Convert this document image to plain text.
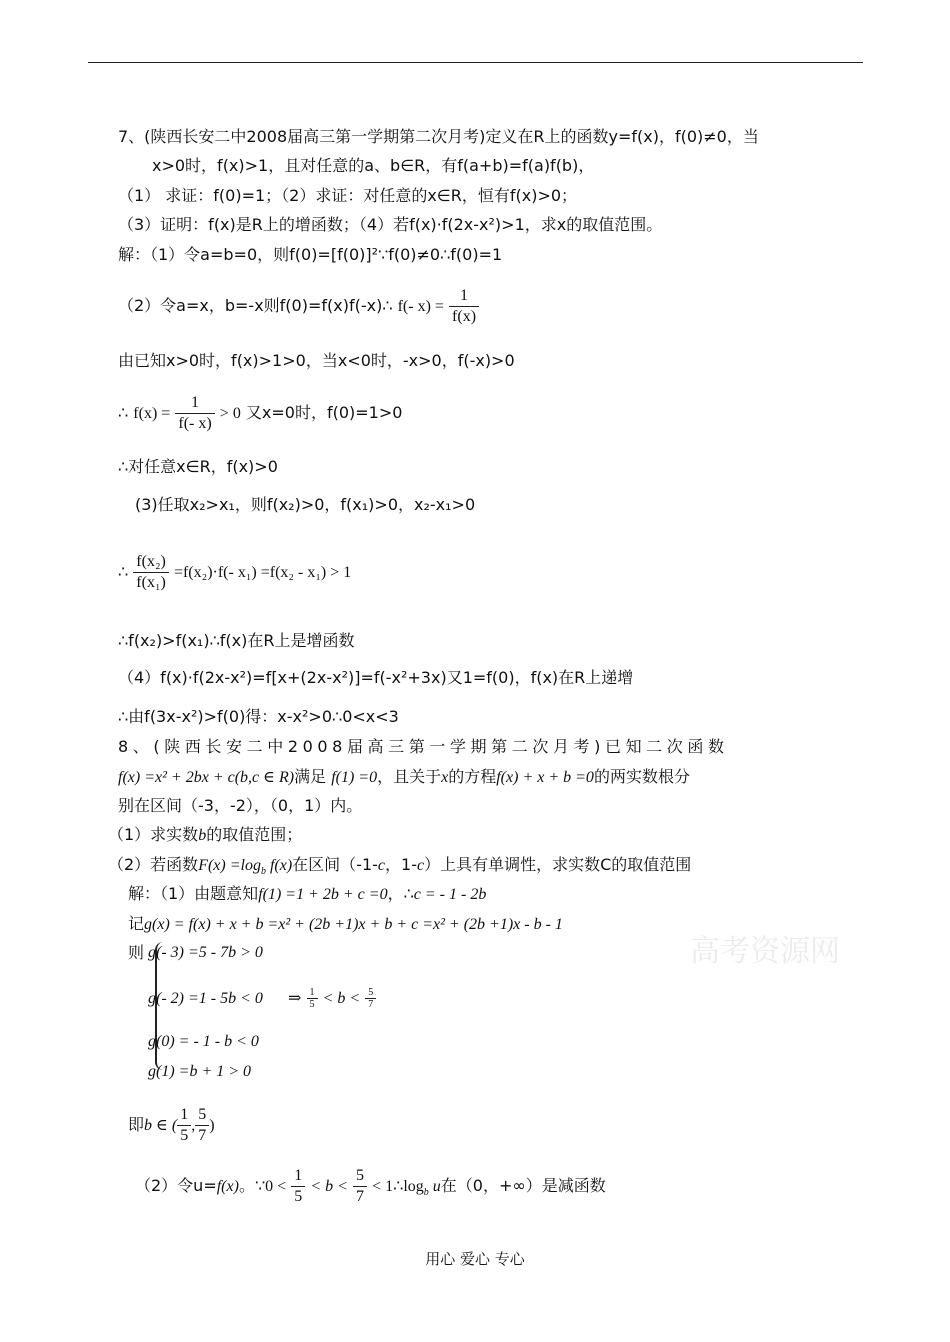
7、(陕西长安二中2008届高三第一学期第二次月考)定义在R上的函数y=f(x)，f(0)≠0，当
x>0时，f(x)>1，且对任意的a、b∈R，有f(a+b)=f(a)f(b)，
（1） 求证：f(0)=1；（2）求证：对任意的x∈R，恒有f(x)>0；
（3）证明：f(x)是R上的增函数；（4）若f(x)·f(2x-x²)>1，求x的取值范围。
解：（1）令a=b=0，则f(0)=[f(0)]²∵f(0)≠0∴f(0)=1
（2）令a=x，b=-x则f(0)=f(x)f(-x)∴ f(- $x) = \frac{1}{f(x)}$
由已知x>0时，f(x)>1>0，当x<0时，-x>0，f(-x)>0
∴ $f(x) = \frac{1}{f(- x)} > 0$ 又x=0时，f(0)=1>0
∴对任意x∈R，f(x)>0
(3)任取x₂>x₁，则f(x₂)>0，f(x₁)>0，x₂-x₁>0
∴ $\frac{\text{f(x₂)}}{\text{f(x₁)}} =f(x_2)\cdot f(-$ x₁) =f(x₂ - x₁) > 1
∴f(x₂)>f(x₁)∴f(x)在R上是增函数
（4）f(x)·f(2x-x²)=f[x+(2x-x²)]=f(-x²+3x)又1=f(0)，f(x)在R上递增
∴由f(3x-x²)>f(0)得：x-x²>0∴0<x<3
8、(陕西长安二中2008届高三第一学期第二次月考)已知二次函数
f(x) =x² + 2bx + c(b,c ∈ R)满足 f(1) =0，且关于x的方程f(x) + x + b =0的两实数根分
别在区间（-3，-2），（0，1）内。
（1）求实数b的取值范围；
（2）若函数$F(x) =\log_b$ f(x)在区间（-1-c，1-c）上具有单调性，求实数C的取值范围
解：（1）由题意知f(1) =1 + 2b + c =0，∴c = - 1 - 2b
记g(x) = f(x) + x + b =x² + (2b +1)x + b + c =x² + (2b +1)x - b - 1
则 g(- 3) =5 - 7b > 0
g(- 2) =1 - 5b < 0 ⇒ $\frac{1}{5} < b < \frac{5}{7}$
g(0) = - 1 - b < 0
g(1) =b + 1 > 0
即b ∈ ( $\frac{1}{5}$ , $\frac{5}{7}$ )
（2）令u=f(x)。∵0 < $\frac{1}{5} < b < \frac{5}{7}$ < $1\therefore\log_b$ u在（0，+∞）是减函数
高考资源网
用心 爱心 专心
